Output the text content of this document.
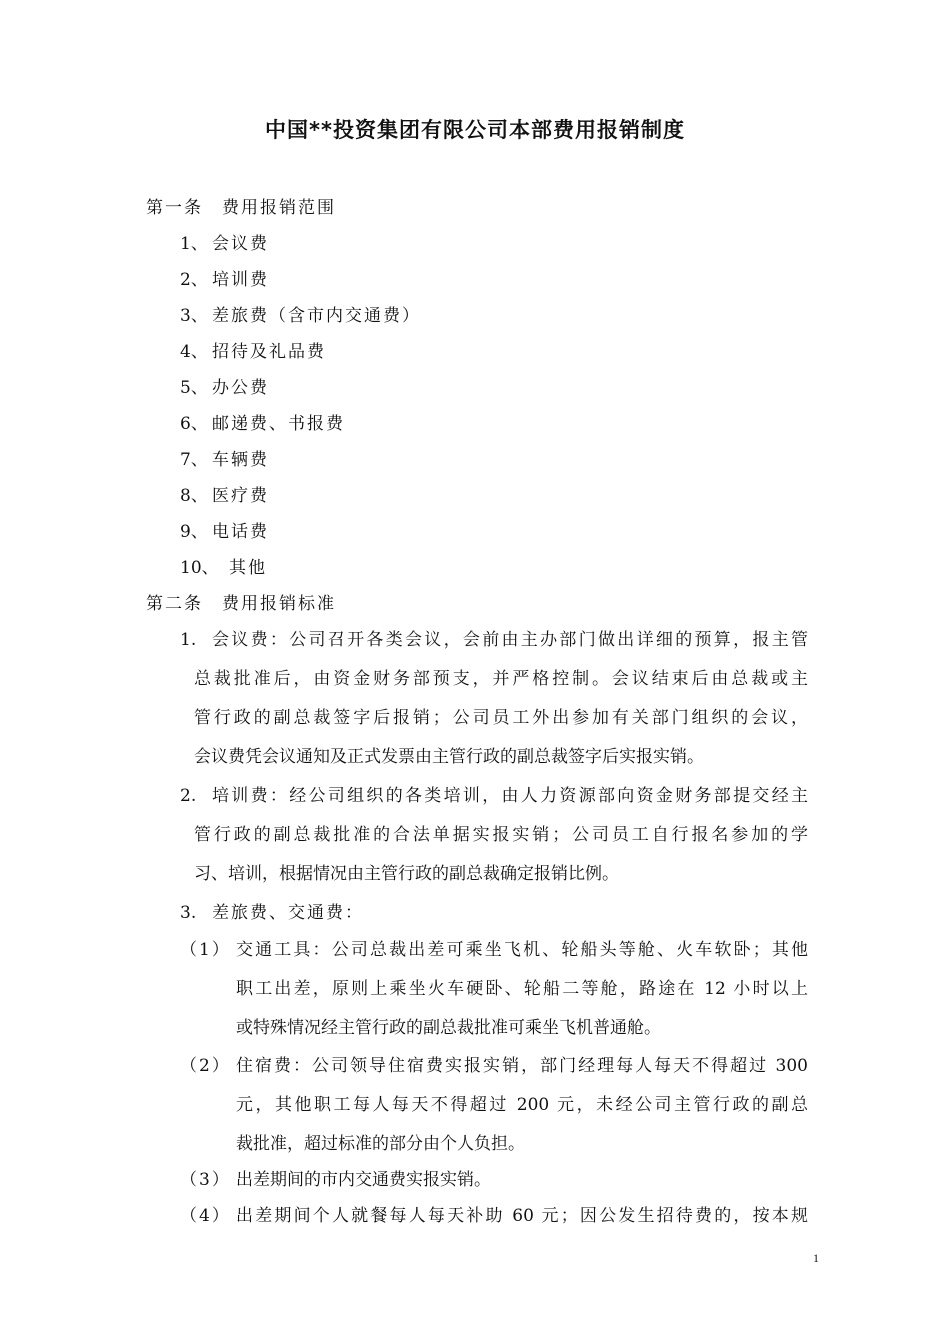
中国**投资集团有限公司本部费用报销制度
第一条　费用报销范围
1、 会议费
2、 培训费
3、 差旅费（含市内交通费）
4、 招待及礼品费
5、 办公费
6、 邮递费、书报费
7、 车辆费
8、 医疗费
9、 电话费
10、 其他
第二条　费用报销标准
1. 会议费：公司召开各类会议，会前由主办部门做出详细的预算，报主管
总裁批准后，由资金财务部预支，并严格控制。会议结束后由总裁或主
管行政的副总裁签字后报销；公司员工外出参加有关部门组织的会议，
会议费凭会议通知及正式发票由主管行政的副总裁签字后实报实销。
2. 培训费：经公司组织的各类培训，由人力资源部向资金财务部提交经主
管行政的副总裁批准的合法单据实报实销；公司员工自行报名参加的学
习、培训，根据情况由主管行政的副总裁确定报销比例。
3. 差旅费、交通费：
（1） 交通工具：公司总裁出差可乘坐飞机、轮船头等舱、火车软卧；其他
职工出差，原则上乘坐火车硬卧、轮船二等舱，路途在 12 小时以上
或特殊情况经主管行政的副总裁批准可乘坐飞机普通舱。
（2） 住宿费：公司领导住宿费实报实销，部门经理每人每天不得超过 300
元，其他职工每人每天不得超过 200 元，未经公司主管行政的副总
裁批准，超过标准的部分由个人负担。
（3） 出差期间的市内交通费实报实销。
（4） 出差期间个人就餐每人每天补助 60 元；因公发生招待费的，按本规
1
